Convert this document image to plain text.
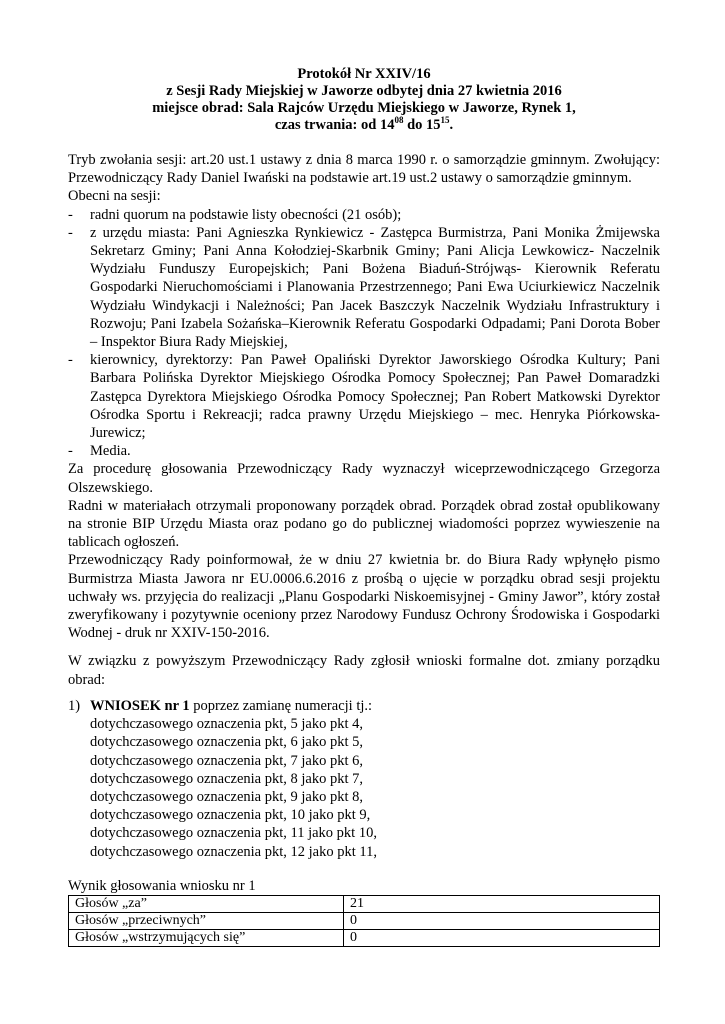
Protokół Nr XXIV/16
z Sesji Rady Miejskiej w Jaworze odbytej dnia 27 kwietnia 2016
miejsce obrad: Sala Rajców Urzędu Miejskiego w Jaworze, Rynek 1,
czas trwania: od $14^{08}$ do $15^{15}$.

Tryb zwołania sesji: art.20 ust.1 ustawy z dnia 8 marca 1990 r. o samorządzie gminnym. Zwołujący: Przewodniczący Rady Daniel Iwański na podstawie art.19 ust.2 ustawy o samorządzie gminnym.

Obecni na sesji:

-	radni quorum na podstawie listy obecności (21 osób);
-	z urzędu miasta: Pani Agnieszka Rynkiewicz - Zastępca Burmistrza, Pani Monika Żmijewska Sekretarz Gminy; Pani Anna Kołodziej-Skarbnik Gminy; Pani Alicja Lewkowicz- Naczelnik Wydziału Funduszy Europejskich; Pani Bożena Biaduń-Strójwąs- Kierownik Referatu Gospodarki Nieruchomościami i Planowania Przestrzennego; Pani Ewa Uciurkiewicz Naczelnik Wydziału Windykacji i Należności; Pan Jacek Baszczyk Naczelnik Wydziału Infrastruktury i Rozwoju; Pani Izabela Sożańska–Kierownik Referatu Gospodarki Odpadami; Pani Dorota Bober – Inspektor Biura Rady Miejskiej,
-	kierownicy, dyrektorzy: Pan Paweł Opaliński Dyrektor Jaworskiego Ośrodka Kultury; Pani Barbara Polińska Dyrektor Miejskiego Ośrodka Pomocy Społecznej; Pan Paweł Domaradzki Zastępca Dyrektora Miejskiego Ośrodka Pomocy Społecznej; Pan Robert Matkowski Dyrektor Ośrodka Sportu i Rekreacji; radca prawny Urzędu Miejskiego – mec. Henryka Piórkowska-Jurewicz;
-	Media.

Za procedurę głosowania Przewodniczący Rady wyznaczył wiceprzewodniczącego Grzegorza Olszewskiego.

Radni w materiałach otrzymali proponowany porządek obrad. Porządek obrad został opublikowany na stronie BIP Urzędu Miasta oraz podano go do publicznej wiadomości poprzez wywieszenie na tablicach ogłoszeń.

Przewodniczący Rady poinformował, że w dniu 27 kwietnia br. do Biura Rady wpłynęło pismo Burmistrza Miasta Jawora nr EU.0006.6.2016 z prośbą o ujęcie w porządku obrad sesji projektu uchwały ws. przyjęcia do realizacji „Planu Gospodarki Niskoemisyjnej - Gminy Jawor”, który został zweryfikowany i pozytywnie oceniony przez Narodowy Fundusz Ochrony Środowiska i Gospodarki Wodnej - druk nr XXIV-150-2016.

W związku z powyższym Przewodniczący Rady zgłosił wnioski formalne dot. zmiany porządku obrad:

1) WNIOSEK nr 1 poprzez zamianę numeracji tj.:
dotychczasowego oznaczenia pkt, 5 jako pkt 4,
dotychczasowego oznaczenia pkt, 6 jako pkt 5,
dotychczasowego oznaczenia pkt, 7 jako pkt 6,
dotychczasowego oznaczenia pkt, 8 jako pkt 7,
dotychczasowego oznaczenia pkt, 9 jako pkt 8,
dotychczasowego oznaczenia pkt, 10 jako pkt 9,
dotychczasowego oznaczenia pkt, 11 jako pkt 10,
dotychczasowego oznaczenia pkt, 12 jako pkt 11,
Wynik głosowania wniosku nr 1
Głosów „za”	21
Głosów „przeciwnych”	0
Głosów „wstrzymujących się”	0
